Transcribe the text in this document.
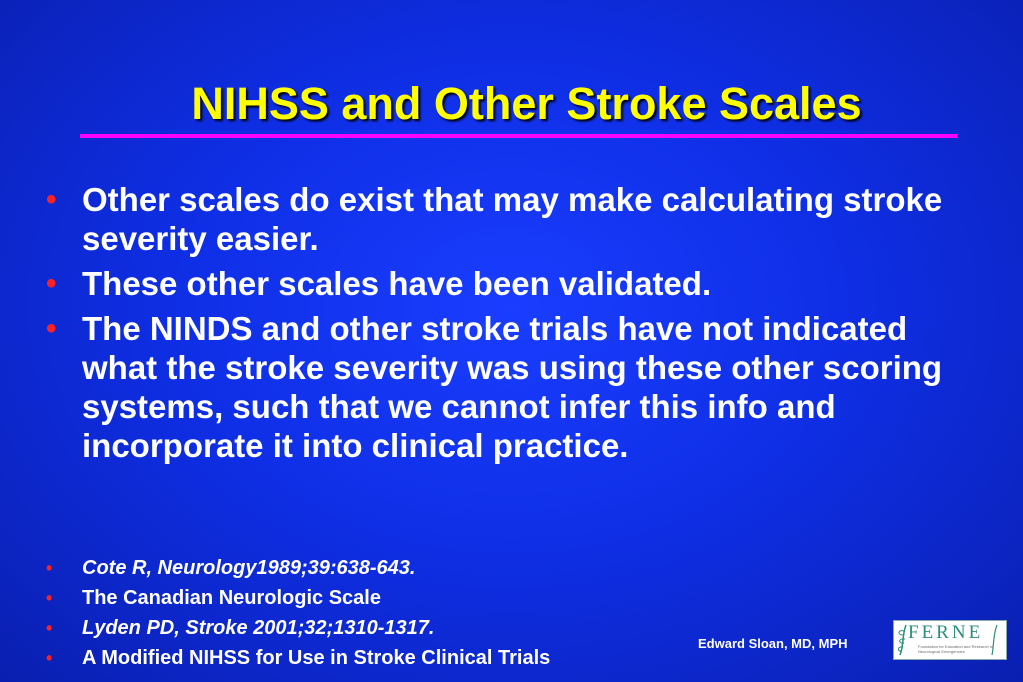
NIHSS and Other Stroke Scales
• Other scales do exist that may make calculating stroke severity easier.
• These other scales have been validated.
• The NINDS and other stroke trials have not indicated what the stroke severity was using these other scoring systems, such that we cannot infer this info and incorporate it into clinical practice.
• Cote R, Neurology1989;39:638-643.
• The Canadian Neurologic Scale
• Lyden PD, Stroke 2001;32;1310-1317.
• A Modified NIHSS for Use in Stroke Clinical Trials
Edward Sloan, MD, MPH
FERNE
Foundation for Education and Research in Neurological Emergencies
